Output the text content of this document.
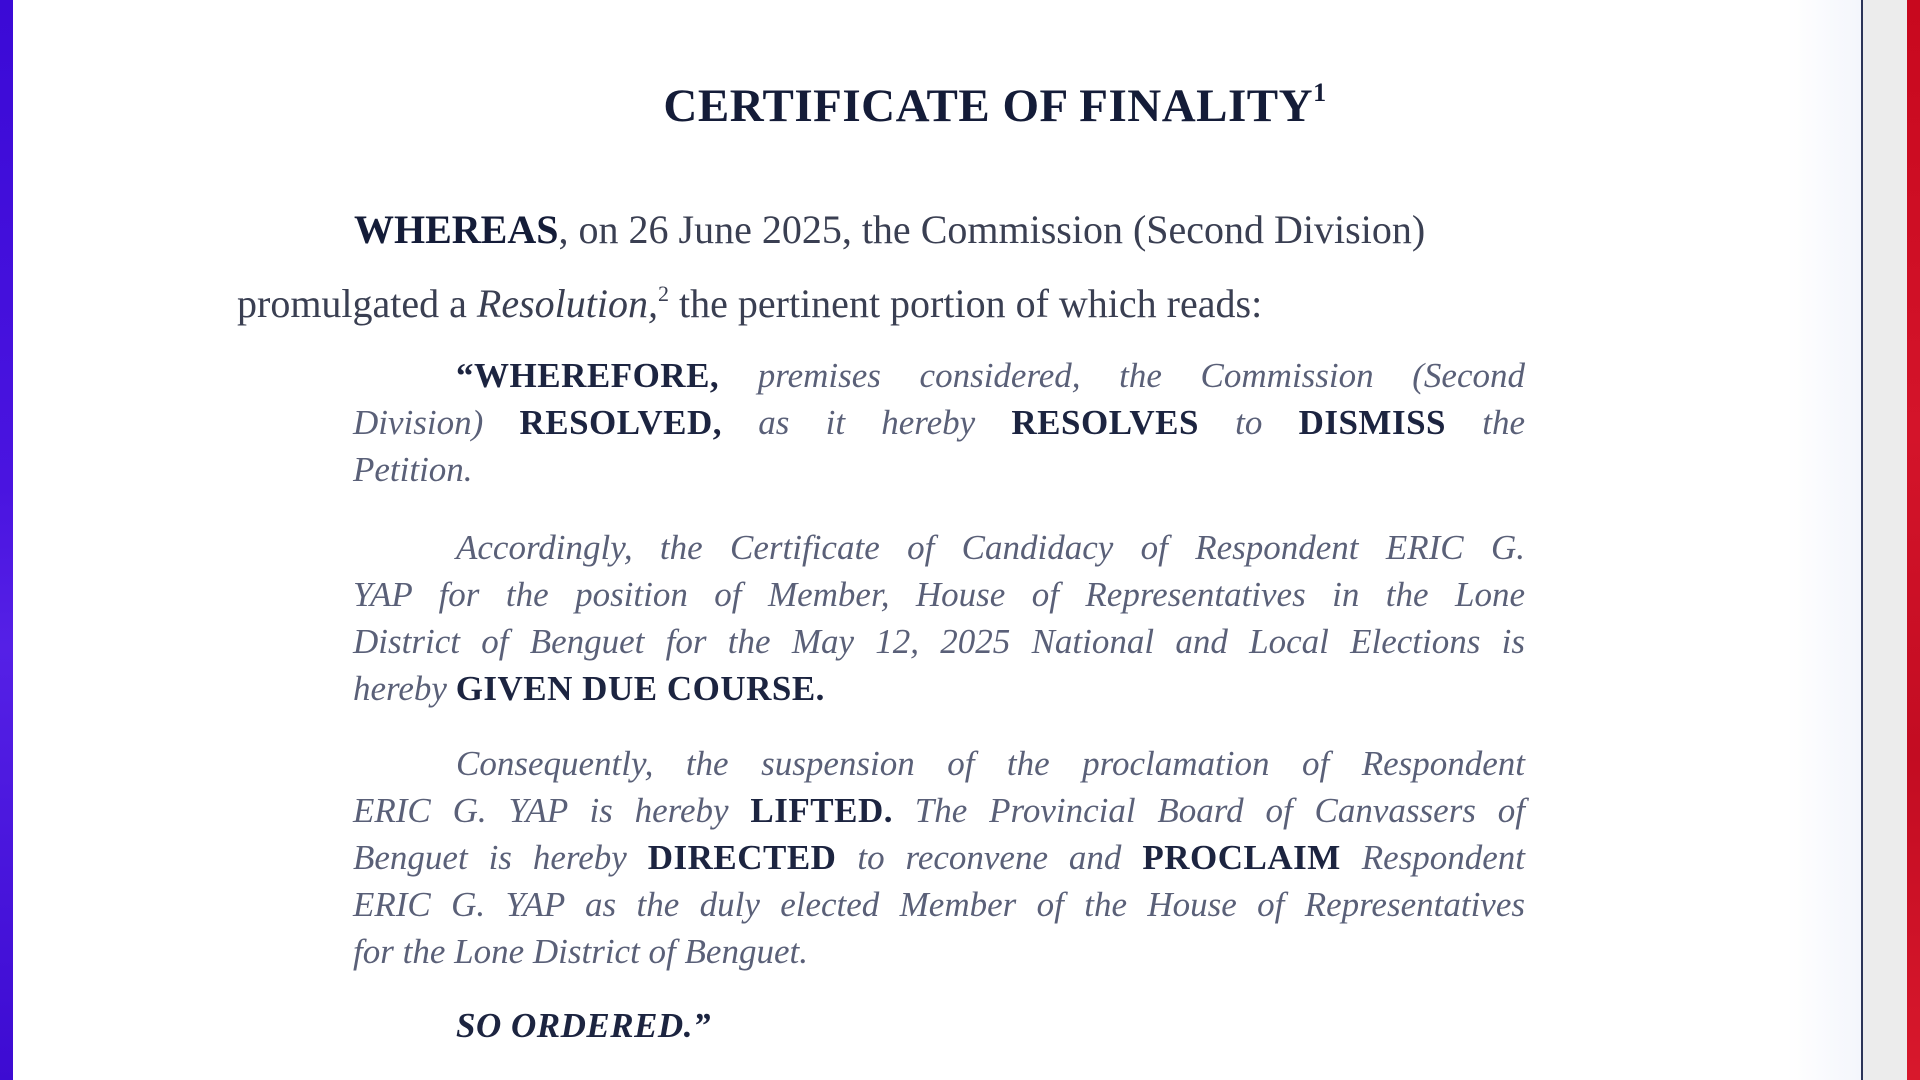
CERTIFICATE OF FINALITY$^1$
WHEREAS, on 26 June 2025, the Commission (Second Division)
promulgated a Resolution,$^2$ the pertinent portion of which reads:
“WHEREFORE, premises considered, the Commission (Second
Division) RESOLVED, as it hereby RESOLVES to DISMISS the
Petition.
Accordingly, the Certificate of Candidacy of Respondent ERIC G.
YAP for the position of Member, House of Representatives in the Lone
District of Benguet for the May 12, 2025 National and Local Elections is
hereby GIVEN DUE COURSE.
Consequently, the suspension of the proclamation of Respondent
ERIC G. YAP is hereby LIFTED. The Provincial Board of Canvassers of
Benguet is hereby DIRECTED to reconvene and PROCLAIM Respondent
ERIC G. YAP as the duly elected Member of the House of Representatives
for the Lone District of Benguet.
SO ORDERED.”
